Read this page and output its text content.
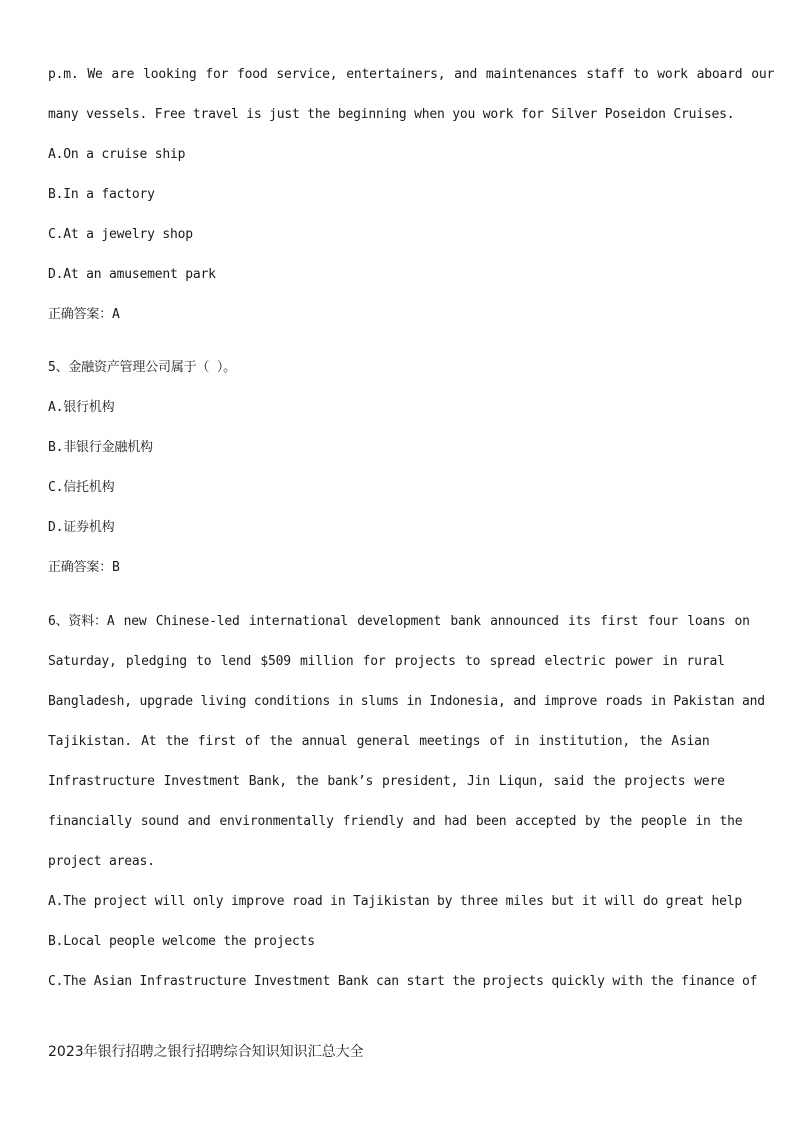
p.m. We are looking for food service, entertainers, and maintenances staff to work aboard our
many vessels. Free travel is just the beginning when you work for Silver Poseidon Cruises.
A.On a cruise ship
B.In a factory
C.At a jewelry shop
D.At an amusement park
正确答案：A
5、金融资产管理公司属于（ ）。
A.银行机构
B.非银行金融机构
C.信托机构
D.证券机构
正确答案：B
6、资料：A new Chinese-led international development bank announced its first four loans on
Saturday, pledging to lend $509 million for projects to spread electric power in rural
Bangladesh, upgrade living conditions in slums in Indonesia, and improve roads in Pakistan and
Tajikistan. At the first of the annual general meetings of in institution, the Asian
Infrastructure Investment Bank, the bank’s president, Jin Liqun, said the projects were
financially sound and environmentally friendly and had been accepted by the people in the
project areas.
A.The project will only improve road in Tajikistan by three miles but it will do great help
B.Local people welcome the projects
C.The Asian Infrastructure Investment Bank can start the projects quickly with the finance of
2023年银行招聘之银行招聘综合知识知识汇总大全
